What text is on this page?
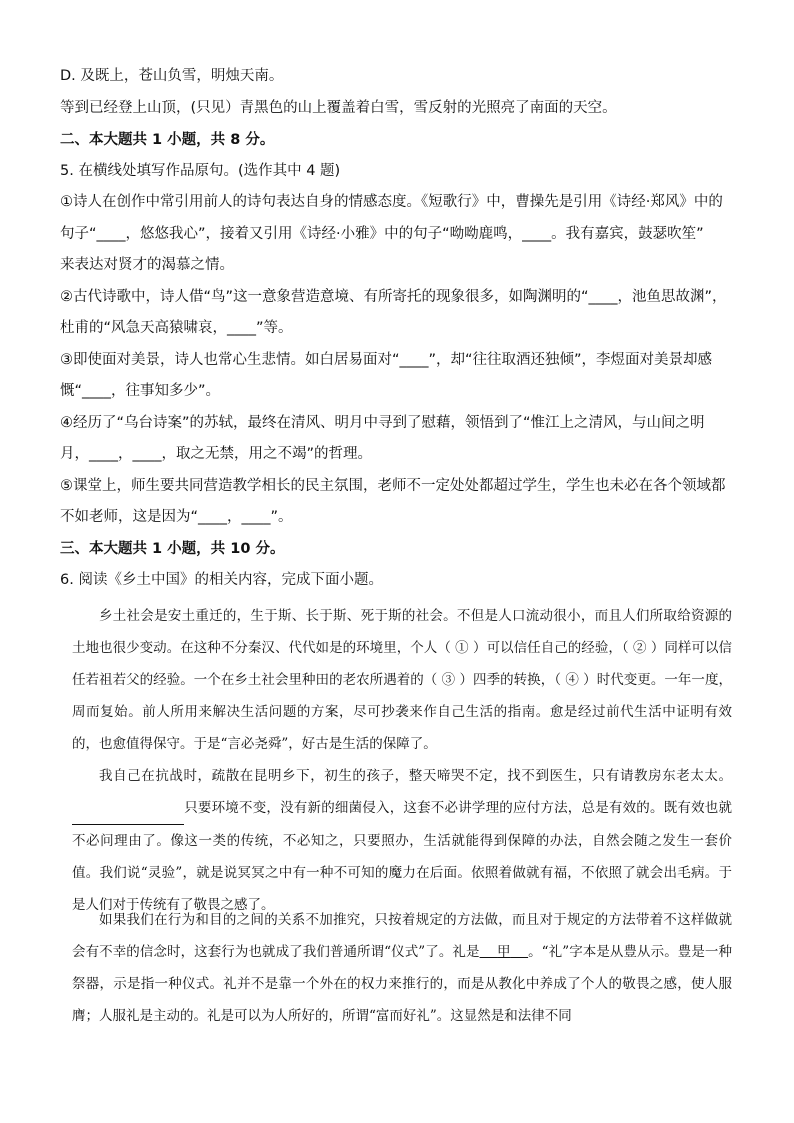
D. 及既上，苍山负雪，明烛天南。
等到已经登上山顶，(只见）青黑色的山上覆盖着白雪，雪反射的光照亮了南面的天空。
二、本大题共 1 小题，共 8 分。
5. 在横线处填写作品原句。(选作其中 4 题)
①诗人在创作中常引用前人的诗句表达自身的情感态度。《短歌行》中，曹操先是引用《诗经·郑风》中的
句子“____，悠悠我心”，接着又引用《诗经·小雅》中的句子“呦呦鹿鸣，____。我有嘉宾，鼓瑟吹笙”
来表达对贤才的渴慕之情。
②古代诗歌中，诗人借“鸟”这一意象营造意境、有所寄托的现象很多，如陶渊明的“____，池鱼思故渊”，
杜甫的“风急天高猿啸哀，____”等。
③即使面对美景，诗人也常心生悲情。如白居易面对“____”，却“往往取酒还独倾”，李煜面对美景却感
慨“____，往事知多少”。
④经历了“乌台诗案”的苏轼，最终在清风、明月中寻到了慰藉，领悟到了“惟江上之清风，与山间之明
月，____，____，取之无禁，用之不竭”的哲理。
⑤课堂上，师生要共同营造教学相长的民主氛围，老师不一定处处都超过学生，学生也未必在各个领域都
不如老师，这是因为“____，____”。
三、本大题共 1 小题，共 10 分。
6. 阅读《乡土中国》的相关内容，完成下面小题。
乡土社会是安土重迁的，生于斯、长于斯、死于斯的社会。不但是人口流动很小，而且人们所取给资源的土地也很少变动。在这种不分秦汉、代代如是的环境里，个人（ ① ）可以信任自己的经验，（ ② ）同样可以信任若祖若父的经验。一个在乡土社会里种田的老农所遇着的（ ③ ）四季的转换，（ ④ ）时代变更。一年一度，周而复始。前人所用来解决生活问题的方案，尽可抄袭来作自己生活的指南。愈是经过前代生活中证明有效的，也愈值得保守。于是“言必尧舜”，好古是生活的保障了。
我自己在抗战时，疏散在昆明乡下，初生的孩子，整天啼哭不定，找不到医生，只有请教房东老太太。只要环境不变，没有新的细菌侵入，这套不必讲学理的应付方法，总是有效的。既有效也就不必问理由了。像这一类的传统，不必知之，只要照办，生活就能得到保障的办法，自然会随之发生一套价值。我们说“灵验”，就是说冥冥之中有一种不可知的魔力在后面。依照着做就有福，不依照了就会出毛病。于是人们对于传统有了敬畏之感了。
如果我们在行为和目的之间的关系不加推究，只按着规定的方法做，而且对于规定的方法带着不这样做就会有不幸的信念时，这套行为也就成了我们普通所谓“仪式”了。礼是 甲 。“礼”字本是从豊从示。豊是一种祭器，示是指一种仪式。礼并不是靠一个外在的权力来推行的，而是从教化中养成了个人的敬畏之感，使人服膺；人服礼是主动的。礼是可以为人所好的，所谓“富而好礼”。这显然是和法律不同
